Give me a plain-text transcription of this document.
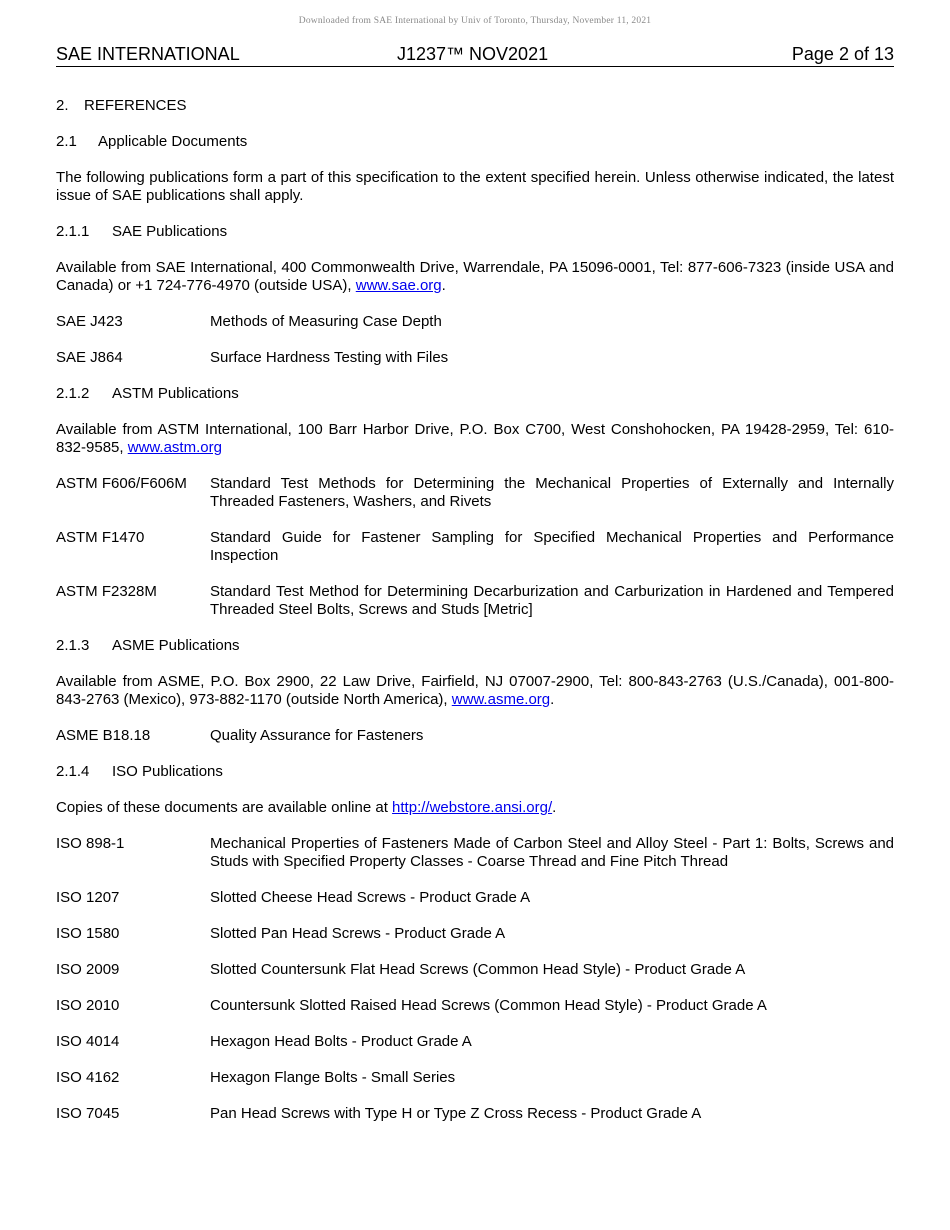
Downloaded from SAE International by Univ of Toronto, Thursday, November 11, 2021
SAE INTERNATIONAL	J1237™ NOV2021	Page 2 of 13

2. REFERENCES

2.1 Applicable Documents

The following publications form a part of this specification to the extent specified herein. Unless otherwise indicated, the latest issue of SAE publications shall apply.

2.1.1 SAE Publications

Available from SAE International, 400 Commonwealth Drive, Warrendale, PA 15096-0001, Tel: 877-606-7323 (inside USA and Canada) or +1 724-776-4970 (outside USA), www.sae.org.

SAE J423	Methods of Measuring Case Depth
SAE J864	Surface Hardness Testing with Files

2.1.2 ASTM Publications

Available from ASTM International, 100 Barr Harbor Drive, P.O. Box C700, West Conshohocken, PA 19428-2959, Tel: 610-832-9585, www.astm.org

ASTM F606/F606M	Standard Test Methods for Determining the Mechanical Properties of Externally and Internally Threaded Fasteners, Washers, and Rivets
ASTM F1470	Standard Guide for Fastener Sampling for Specified Mechanical Properties and Performance Inspection
ASTM F2328M	Standard Test Method for Determining Decarburization and Carburization in Hardened and Tempered Threaded Steel Bolts, Screws and Studs [Metric]

2.1.3 ASME Publications

Available from ASME, P.O. Box 2900, 22 Law Drive, Fairfield, NJ 07007-2900, Tel: 800-843-2763 (U.S./Canada), 001-800-843-2763 (Mexico), 973-882-1170 (outside North America), www.asme.org.

ASME B18.18	Quality Assurance for Fasteners

2.1.4 ISO Publications

Copies of these documents are available online at http://webstore.ansi.org/.

ISO 898-1	Mechanical Properties of Fasteners Made of Carbon Steel and Alloy Steel - Part 1: Bolts, Screws and Studs with Specified Property Classes - Coarse Thread and Fine Pitch Thread
ISO 1207	Slotted Cheese Head Screws - Product Grade A
ISO 1580	Slotted Pan Head Screws - Product Grade A
ISO 2009	Slotted Countersunk Flat Head Screws (Common Head Style) - Product Grade A
ISO 2010	Countersunk Slotted Raised Head Screws (Common Head Style) - Product Grade A
ISO 4014	Hexagon Head Bolts - Product Grade A
ISO 4162	Hexagon Flange Bolts - Small Series
ISO 7045	Pan Head Screws with Type H or Type Z Cross Recess - Product Grade A
